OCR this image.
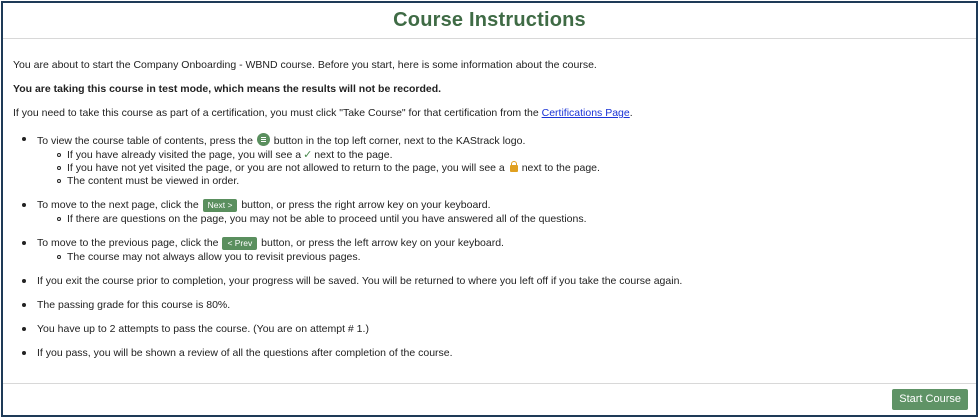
Course Instructions

You are about to start the Company Onboarding - WBND course. Before you start, here is some information about the course.

You are taking this course in test mode, which means the results will not be recorded.

If you need to take this course as part of a certification, you must click "Take Course" for that certification from the Certifications Page.

To view the course table of contents, press the button in the top left corner, next to the KAStrack logo.
If you have already visited the page, you will see a ✓ next to the page.
If you have not yet visited the page, or you are not allowed to return to the page, you will see a next to the page.
The content must be viewed in order.
To move to the next page, click the Next > button, or press the right arrow key on your keyboard.
If there are questions on the page, you may not be able to proceed until you have answered all of the questions.
To move to the previous page, click the < Prev button, or press the left arrow key on your keyboard.
The course may not always allow you to revisit previous pages.
If you exit the course prior to completion, your progress will be saved. You will be returned to where you left off if you take the course again.
The passing grade for this course is 80%.
You have up to 2 attempts to pass the course. (You are on attempt # 1.)
If you pass, you will be shown a review of all the questions after completion of the course.
Start Course
